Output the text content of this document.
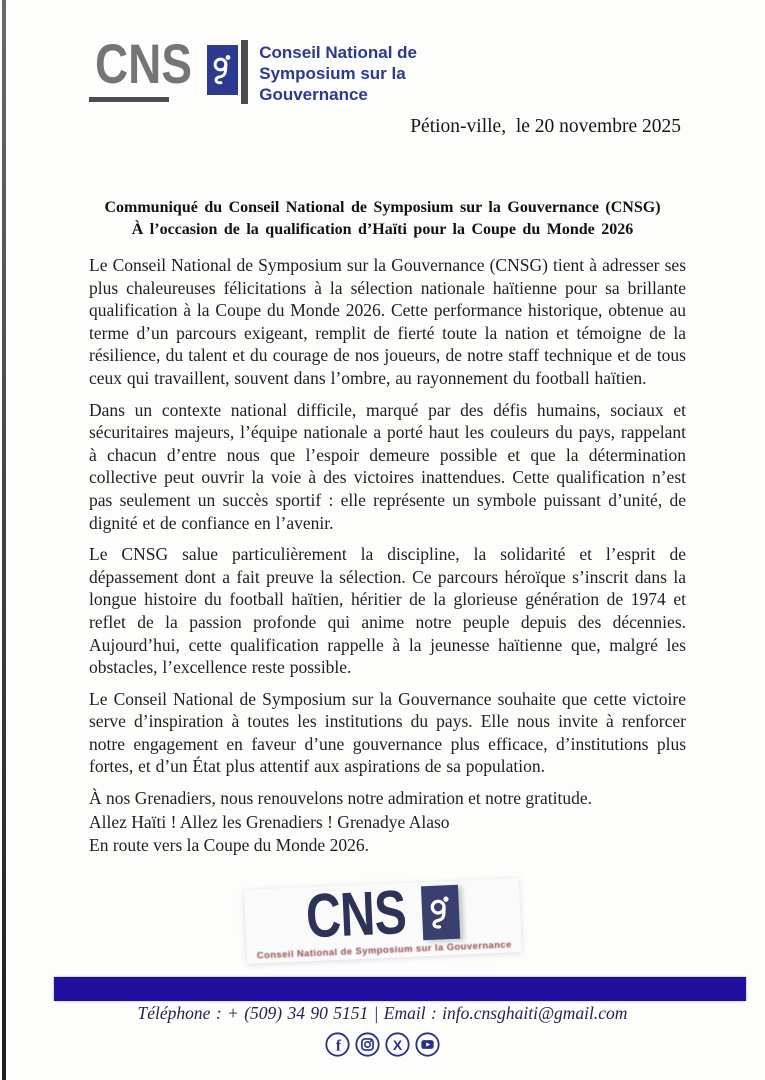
CNS	Conseil National de
Symposium sur la
Gouvernance
Pétion-ville,  le 20 novembre 2025
Communiqué du Conseil National de Symposium sur la Gouvernance (CNSG)
À l’occasion de la qualification d’Haïti pour la Coupe du Monde 2026

Le Conseil National de Symposium sur la Gouvernance (CNSG) tient à adresser ses plus chaleureuses félicitations à la sélection nationale haïtienne pour sa brillante qualification à la Coupe du Monde 2026. Cette performance historique, obtenue au terme d’un parcours exigeant, remplit de fierté toute la nation et témoigne de la résilience, du talent et du courage de nos joueurs, de notre staff technique et de tous ceux qui travaillent, souvent dans l’ombre, au rayonnement du football haïtien.

Dans un contexte national difficile, marqué par des défis humains, sociaux et sécuritaires majeurs, l’équipe nationale a porté haut les couleurs du pays, rappelant à chacun d’entre nous que l’espoir demeure possible et que la détermination collective peut ouvrir la voie à des victoires inattendues. Cette qualification n’est pas seulement un succès sportif : elle représente un symbole puissant d’unité, de dignité et de confiance en l’avenir.

Le CNSG salue particulièrement la discipline, la solidarité et l’esprit de dépassement dont a fait preuve la sélection. Ce parcours héroïque s’inscrit dans la longue histoire du football haïtien, héritier de la glorieuse génération de 1974 et reflet de la passion profonde qui anime notre peuple depuis des décennies. Aujourd’hui, cette qualification rappelle à la jeunesse haïtienne que, malgré les obstacles, l’excellence reste possible.

Le Conseil National de Symposium sur la Gouvernance souhaite que cette victoire serve d’inspiration à toutes les institutions du pays. Elle nous invite à renforcer notre engagement en faveur d’une gouvernance plus efficace, d’institutions plus fortes, et d’un État plus attentif aux aspirations de sa population.

À nos Grenadiers, nous renouvelons notre admiration et notre gratitude.
Allez Haïti ! Allez les Grenadiers ! Grenadye Alaso
En route vers la Coupe du Monde 2026.
CNS
Conseil National de Symposium sur la Gouvernance
Téléphone : + (509) 34 90 5151 | Email : info.cnsghaiti@gmail.com
f	X
